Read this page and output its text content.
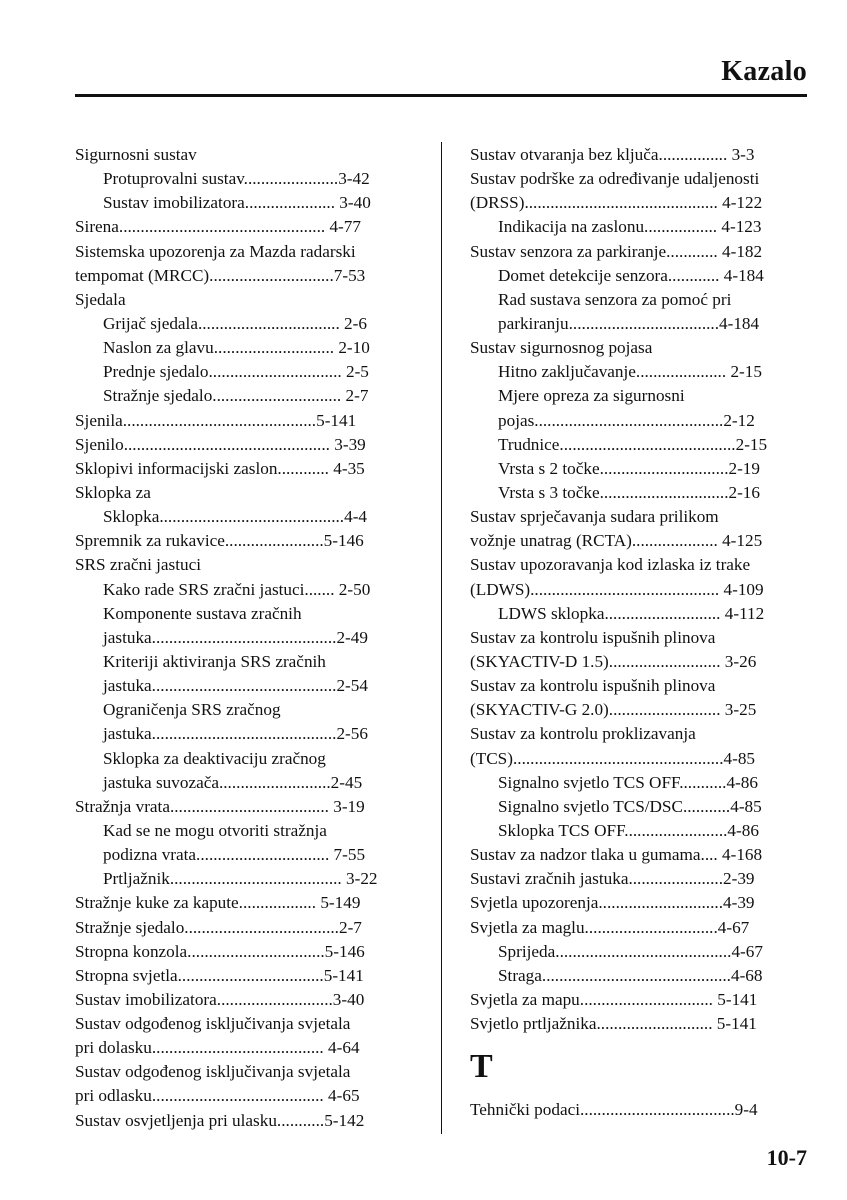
Kazalo
Sigurnosni sustav
Protuprovalni sustav......................3-42
Sustav imobilizatora..................... 3-40
Sirena................................................ 4-77
Sistemska upozorenja za Mazda radarski
tempomat (MRCC).............................7-53
Sjedala
Grijač sjedala................................. 2-6
Naslon za glavu............................ 2-10
Prednje sjedalo............................... 2-5
Stražnje sjedalo.............................. 2-7
Sjenila.............................................5-141
Sjenilo................................................ 3-39
Sklopivi informacijski zaslon............ 4-35
Sklopka za
Sklopka...........................................4-4
Spremnik za rukavice.......................5-146
SRS zračni jastuci
Kako rade SRS zračni jastuci....... 2-50
Komponente sustava zračnih
jastuka...........................................2-49
Kriteriji aktiviranja SRS zračnih
jastuka...........................................2-54
Ograničenja SRS zračnog
jastuka...........................................2-56
Sklopka za deaktivaciju zračnog
jastuka suvozača..........................2-45
Stražnja vrata..................................... 3-19
Kad se ne mogu otvoriti stražnja
podizna vrata............................... 7-55
Prtljažnik........................................ 3-22
Stražnje kuke za kapute.................. 5-149
Stražnje sjedalo....................................2-7
Stropna konzola................................5-146
Stropna svjetla..................................5-141
Sustav imobilizatora...........................3-40
Sustav odgođenog isključivanja svjetala
pri dolasku........................................ 4-64
Sustav odgođenog isključivanja svjetala
pri odlasku........................................ 4-65
Sustav osvjetljenja pri ulasku...........5-142
Sustav otvaranja bez ključa................ 3-3
Sustav podrške za određivanje udaljenosti
(DRSS)............................................. 4-122
Indikacija na zaslonu................. 4-123
Sustav senzora za parkiranje............ 4-182
Domet detekcije senzora............ 4-184
Rad sustava senzora za pomoć pri
parkiranju...................................4-184
Sustav sigurnosnog pojasa
Hitno zaključavanje..................... 2-15
Mjere opreza za sigurnosni
pojas............................................2-12
Trudnice.........................................2-15
Vrsta s 2 točke..............................2-19
Vrsta s 3 točke..............................2-16
Sustav sprječavanja sudara prilikom
vožnje unatrag (RCTA).................... 4-125
Sustav upozoravanja kod izlaska iz trake
(LDWS)............................................ 4-109
LDWS sklopka........................... 4-112
Sustav za kontrolu ispušnih plinova
(SKYACTIV-D 1.5).......................... 3-26
Sustav za kontrolu ispušnih plinova
(SKYACTIV-G 2.0).......................... 3-25
Sustav za kontrolu proklizavanja
(TCS).................................................4-85
Signalno svjetlo TCS OFF...........4-86
Signalno svjetlo TCS/DSC...........4-85
Sklopka TCS OFF........................4-86
Sustav za nadzor tlaka u gumama.... 4-168
Sustavi zračnih jastuka......................2-39
Svjetla upozorenja.............................4-39
Svjetla za maglu...............................4-67
Sprijeda.........................................4-67
Straga............................................4-68
Svjetla za mapu............................... 5-141
Svjetlo prtljažnika........................... 5-141
T
Tehnički podaci....................................9-4
10-7
